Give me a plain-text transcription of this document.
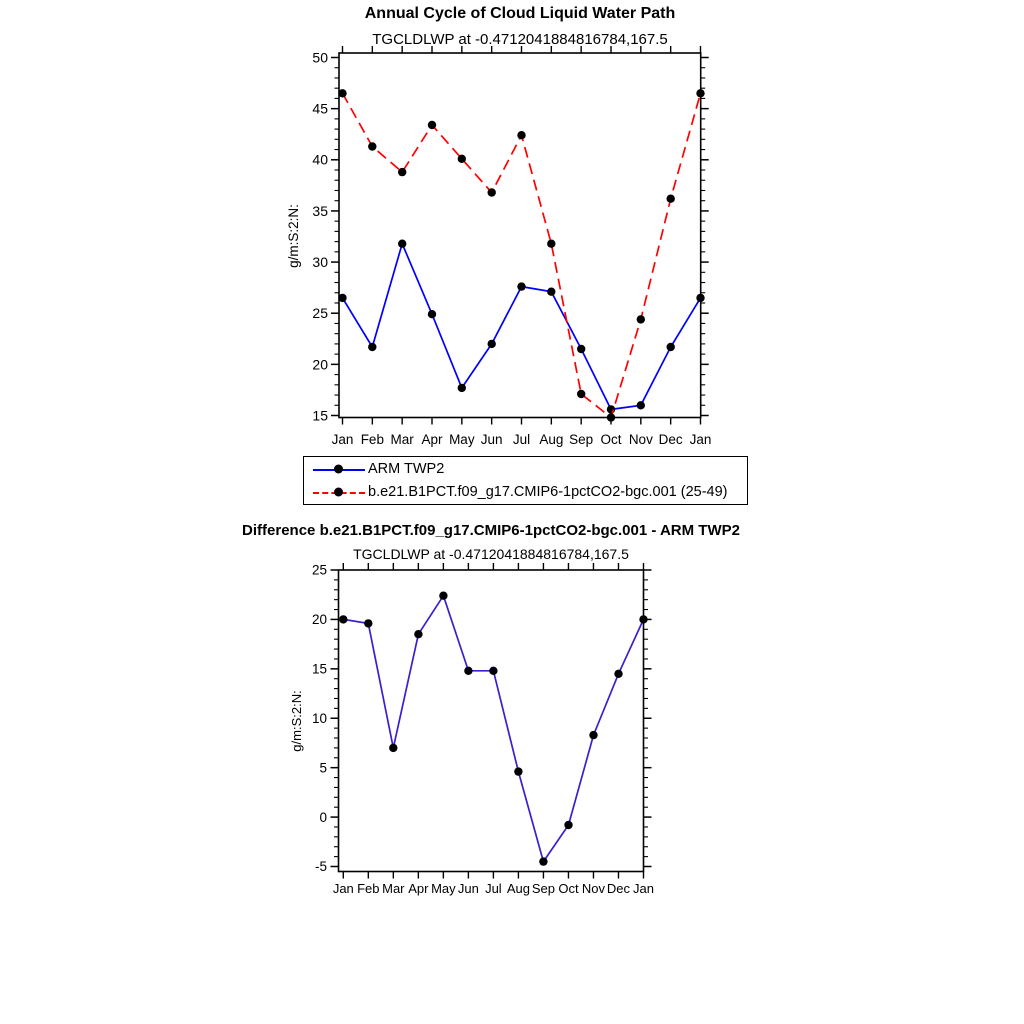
Annual Cycle of Cloud Liquid Water Path
TGCLDLWP at -0.4712041884816784,167.5
15
20
25
30
35
40
45
50
Jan Feb Mar Apr May Jun Jul Aug Sep Oct Nov Dec Jan
g/m:S:2:N:
-5
0
5
10
15
20
25
Jan Feb Mar Apr May Jun Jul Aug Sep Oct Nov Dec Jan
g/m:S:2:N:
ARM TWP2
b.e21.B1PCT.f09_g17.CMIP6-1pctCO2-bgc.001 (25-49)
Difference b.e21.B1PCT.f09_g17.CMIP6-1pctCO2-bgc.001 - ARM TWP2
TGCLDLWP at -0.4712041884816784,167.5
